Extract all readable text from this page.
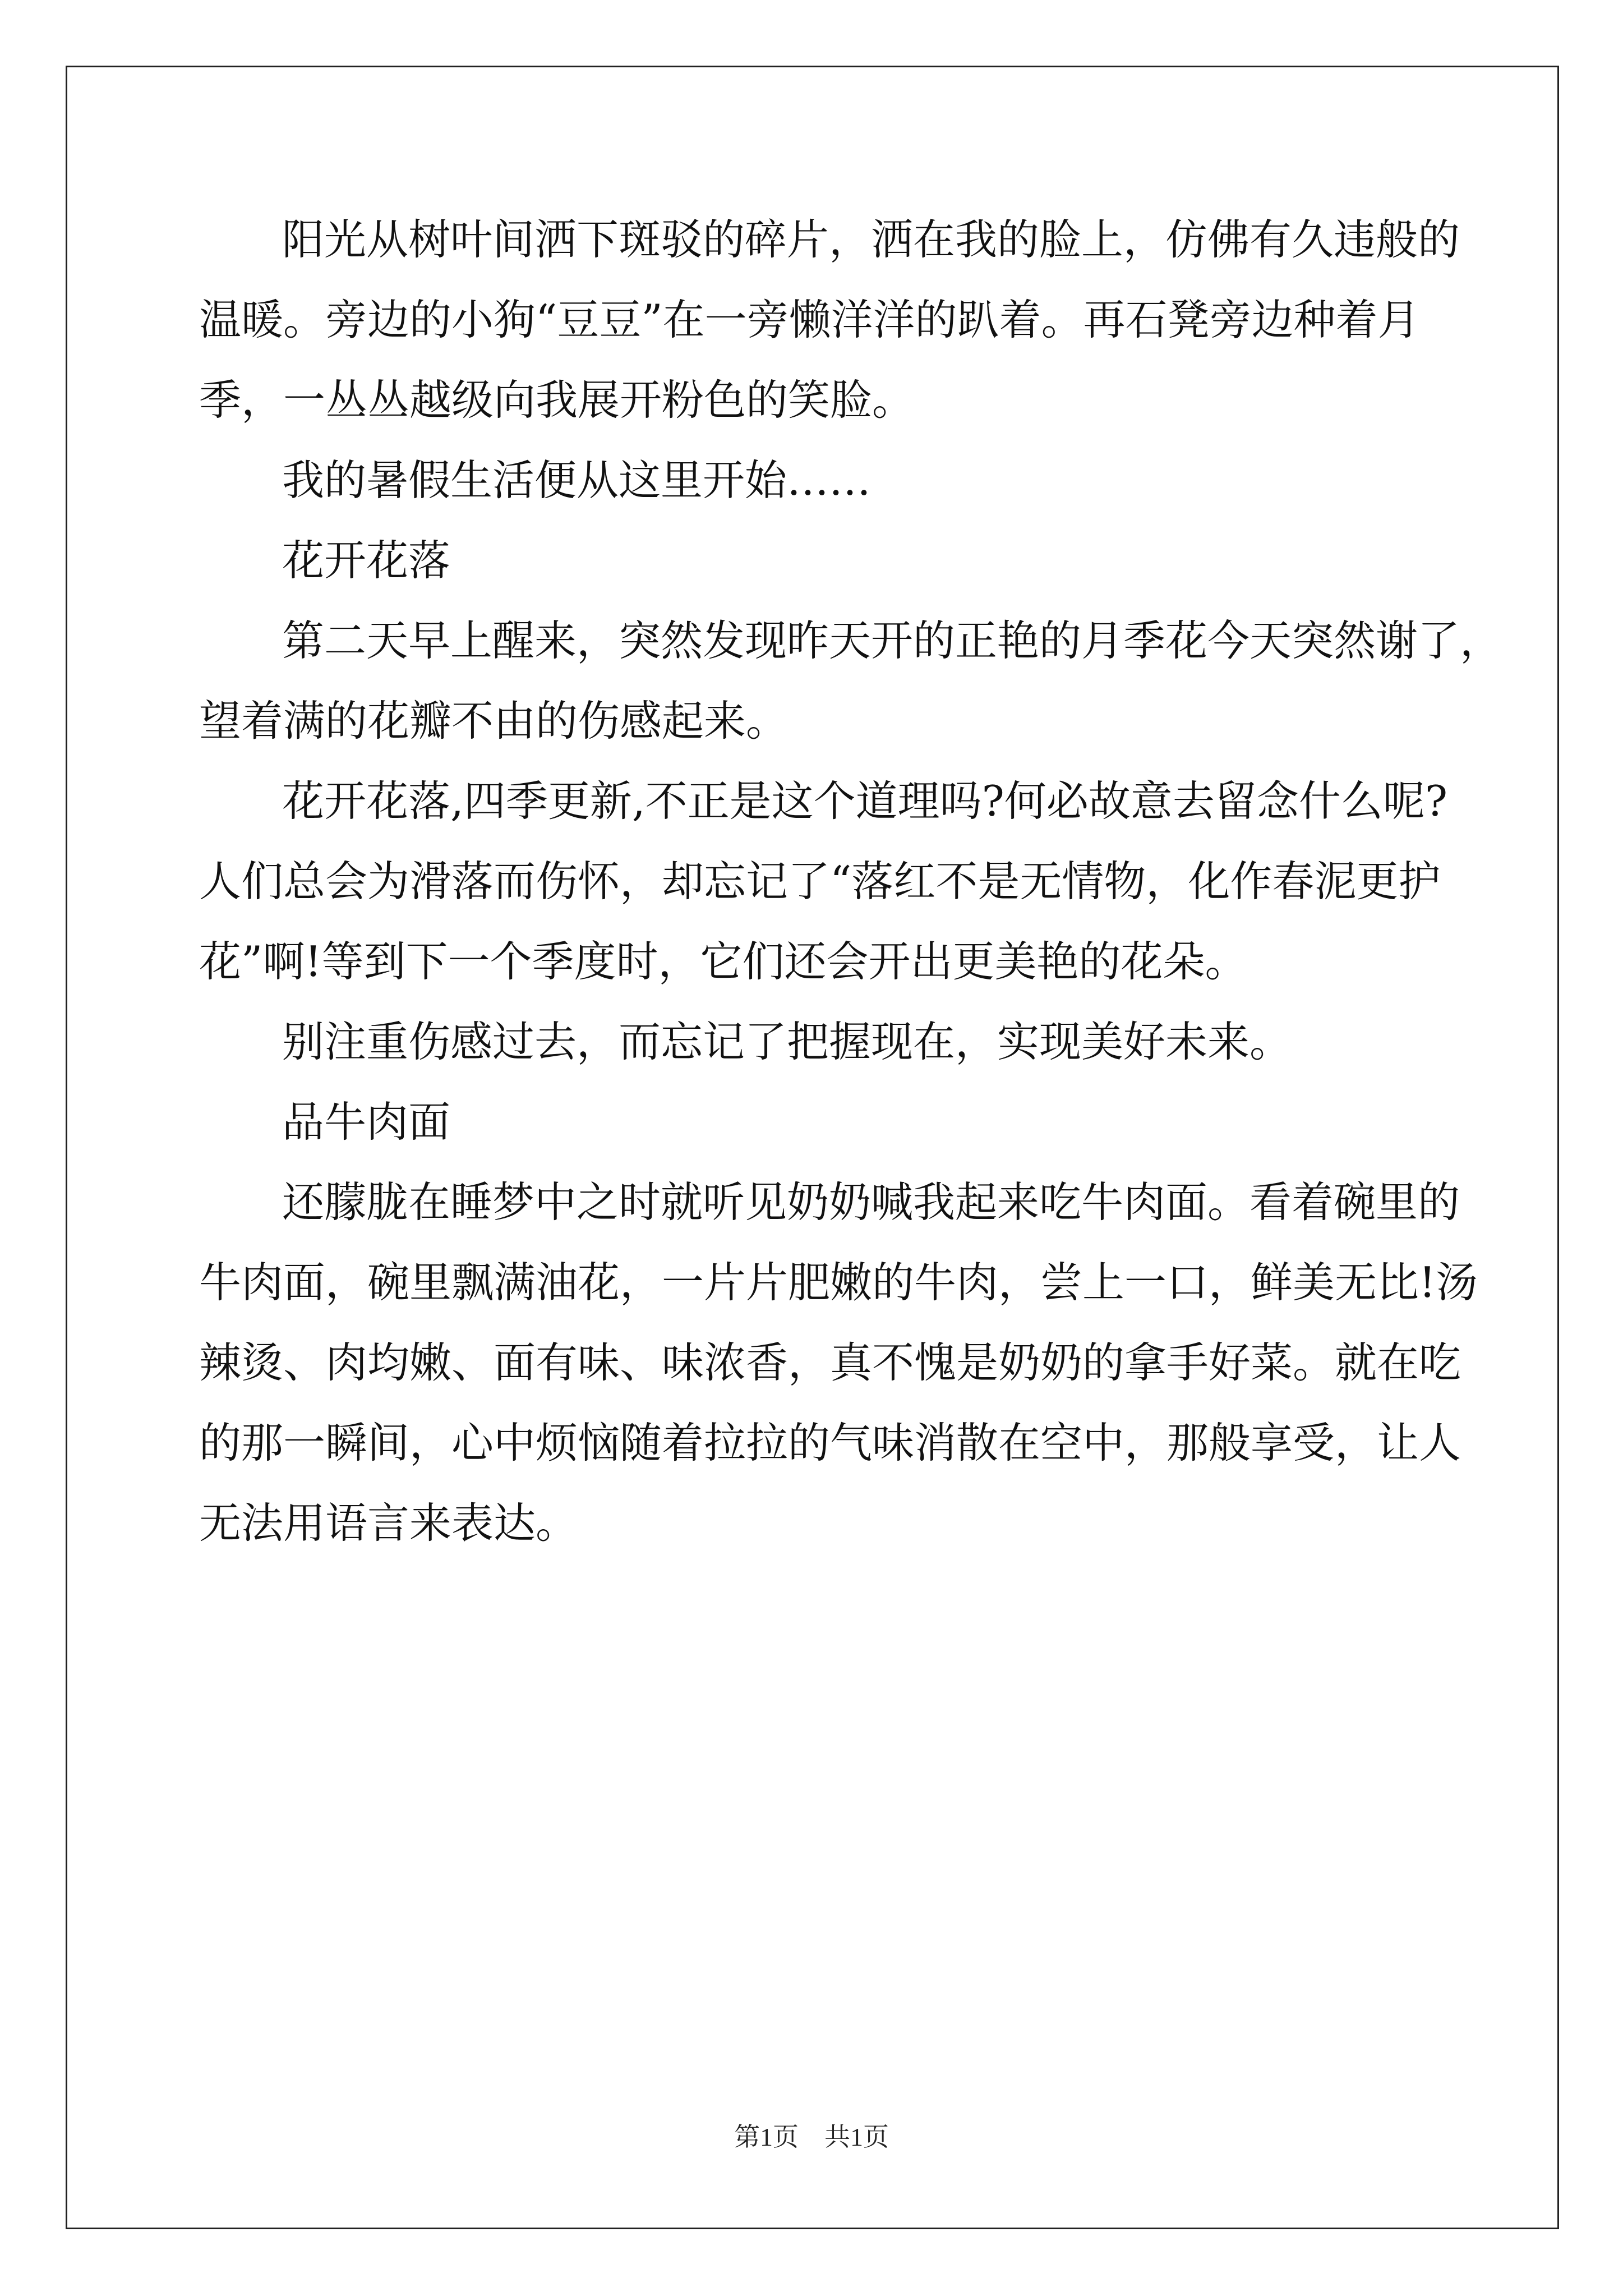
阳光从树叶间洒下斑驳的碎片，洒在我的脸上，仿佛有久违般的
温暖。旁边的小狗“豆豆”在一旁懒洋洋的趴着。再石凳旁边种着月
季，一丛丛越级向我展开粉色的笑脸。
我的暑假生活便从这里开始……
花开花落
第二天早上醒来，突然发现昨天开的正艳的月季花今天突然谢了，
望着满的花瓣不由的伤感起来。
花开花落,四季更新,不正是这个道理吗?何必故意去留念什么呢?
人们总会为滑落而伤怀，却忘记了“落红不是无情物，化作春泥更护
花”啊!等到下一个季度时，它们还会开出更美艳的花朵。
别注重伤感过去，而忘记了把握现在，实现美好未来。
品牛肉面
还朦胧在睡梦中之时就听见奶奶喊我起来吃牛肉面。看着碗里的
牛肉面，碗里飘满油花，一片片肥嫩的牛肉，尝上一口，鲜美无比!汤
辣烫、肉均嫩、面有味、味浓香，真不愧是奶奶的拿手好菜。就在吃
的那一瞬间，心中烦恼随着拉拉的气味消散在空中，那般享受，让人
无法用语言来表达。
第1页　共1页
